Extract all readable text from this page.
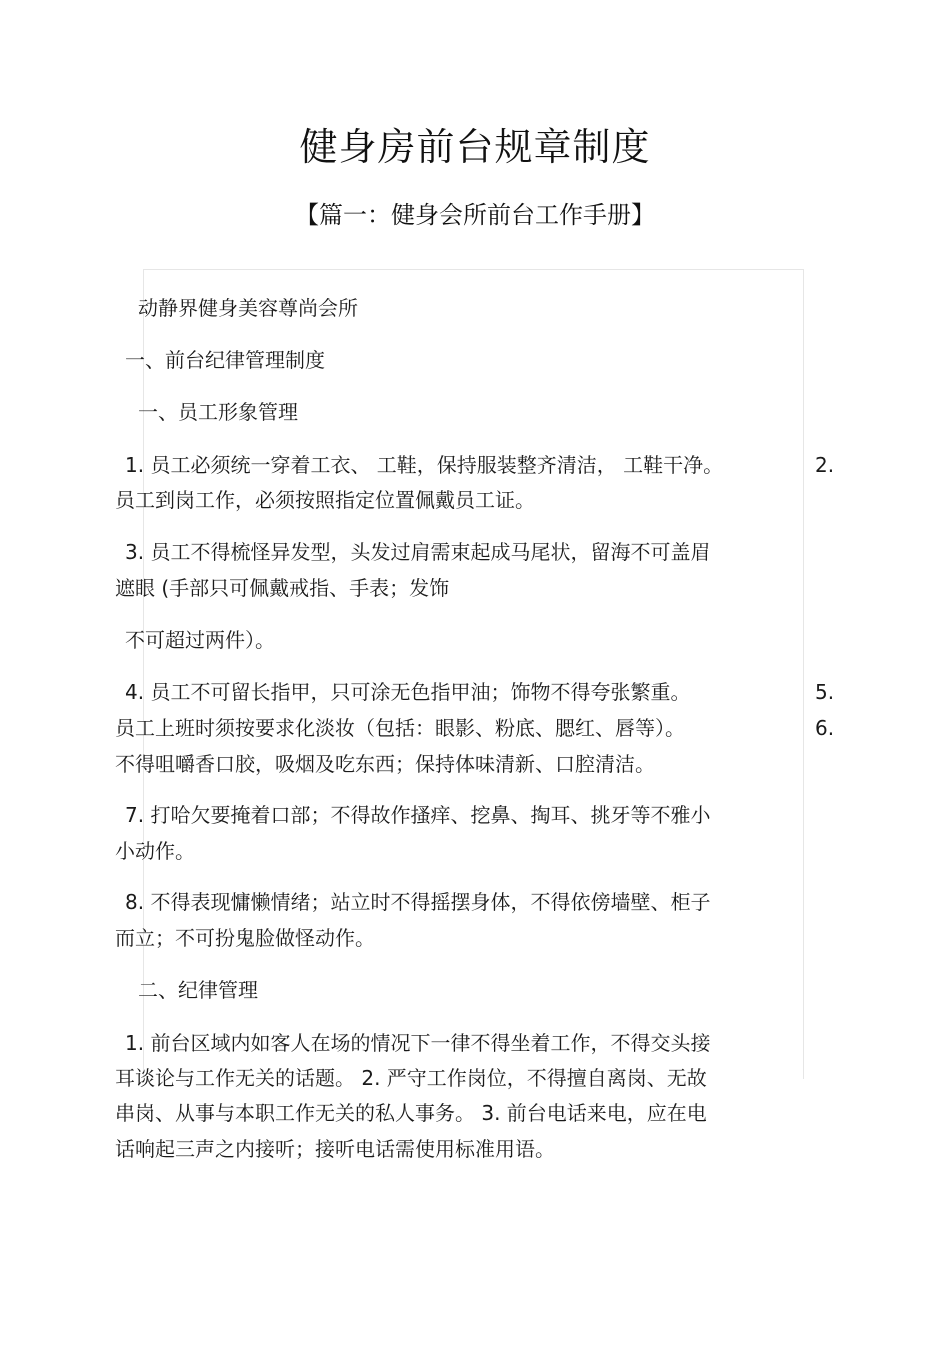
健身房前台规章制度
【篇一：健身会所前台工作手册】
动静界健身美容尊尚会所
一、前台纪律管理制度
一、员工形象管理
1. 员工必须统一穿着工衣、 工鞋，保持服装整齐清洁， 工鞋干净。	2.
员工到岗工作，必须按照指定位置佩戴员工证。
3. 员工不得梳怪异发型，头发过肩需束起成马尾状，留海不可盖眉
遮眼 (手部只可佩戴戒指、手表；发饰
不可超过两件）。
4. 员工不可留长指甲，只可涂无色指甲油；饰物不得夸张繁重。	5.
员工上班时须按要求化淡妆（包括：眼影、粉底、腮红、唇等）。	6.
不得咀嚼香口胶，吸烟及吃东西；保持体味清新、口腔清洁。
7. 打哈欠要掩着口部；不得故作搔痒、挖鼻、掏耳、挑牙等不雅小
小动作。
8. 不得表现慵懒情绪；站立时不得摇摆身体，不得依傍墙壁、柜子
而立；不可扮鬼脸做怪动作。
二、纪律管理
1. 前台区域内如客人在场的情况下一律不得坐着工作，不得交头接
耳谈论与工作无关的话题。 2. 严守工作岗位，不得擅自离岗、无故
串岗、从事与本职工作无关的私人事务。 3. 前台电话来电，应在电
话响起三声之内接听；接听电话需使用标准用语。
